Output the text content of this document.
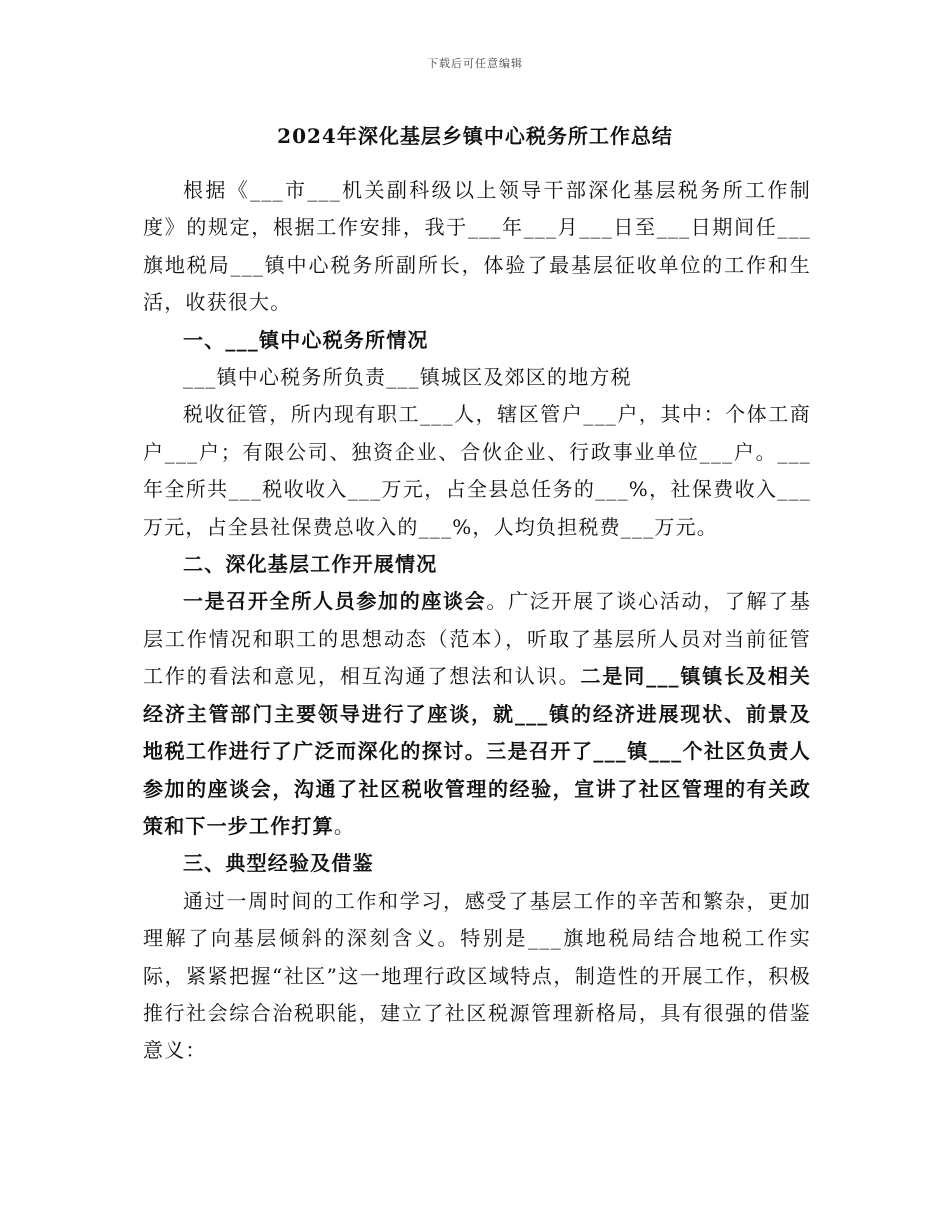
下载后可任意编辑
2024年深化基层乡镇中心税务所工作总结

根据《___市___机关副科级以上领导干部深化基层税务所工作制度》的规定，根据工作安排，我于___年___月___日至___日期间任___旗地税局___镇中心税务所副所长，体验了最基层征收单位的工作和生活，收获很大。

一、___镇中心税务所情况

___镇中心税务所负责___镇城区及郊区的地方税

税收征管，所内现有职工___人，辖区管户___户，其中：个体工商户___户；有限公司、独资企业、合伙企业、行政事业单位___户。___年全所共___税收收入___万元，占全县总任务的___%，社保费收入___万元，占全县社保费总收入的___%，人均负担税费___万元。

二、深化基层工作开展情况

一是召开全所人员参加的座谈会。广泛开展了谈心活动，了解了基层工作情况和职工的思想动态（范本），听取了基层所人员对当前征管工作的看法和意见，相互沟通了想法和认识。二是同___镇镇长及相关经济主管部门主要领导进行了座谈，就___镇的经济进展现状、前景及地税工作进行了广泛而深化的探讨。三是召开了___镇___个社区负责人参加的座谈会，沟通了社区税收管理的经验，宣讲了社区管理的有关政策和下一步工作打算。

三、典型经验及借鉴

通过一周时间的工作和学习，感受了基层工作的辛苦和繁杂，更加理解了向基层倾斜的深刻含义。特别是___旗地税局结合地税工作实际，紧紧把握“社区”这一地理行政区域特点，制造性的开展工作，积极推行社会综合治税职能，建立了社区税源管理新格局，具有很强的借鉴意义：
